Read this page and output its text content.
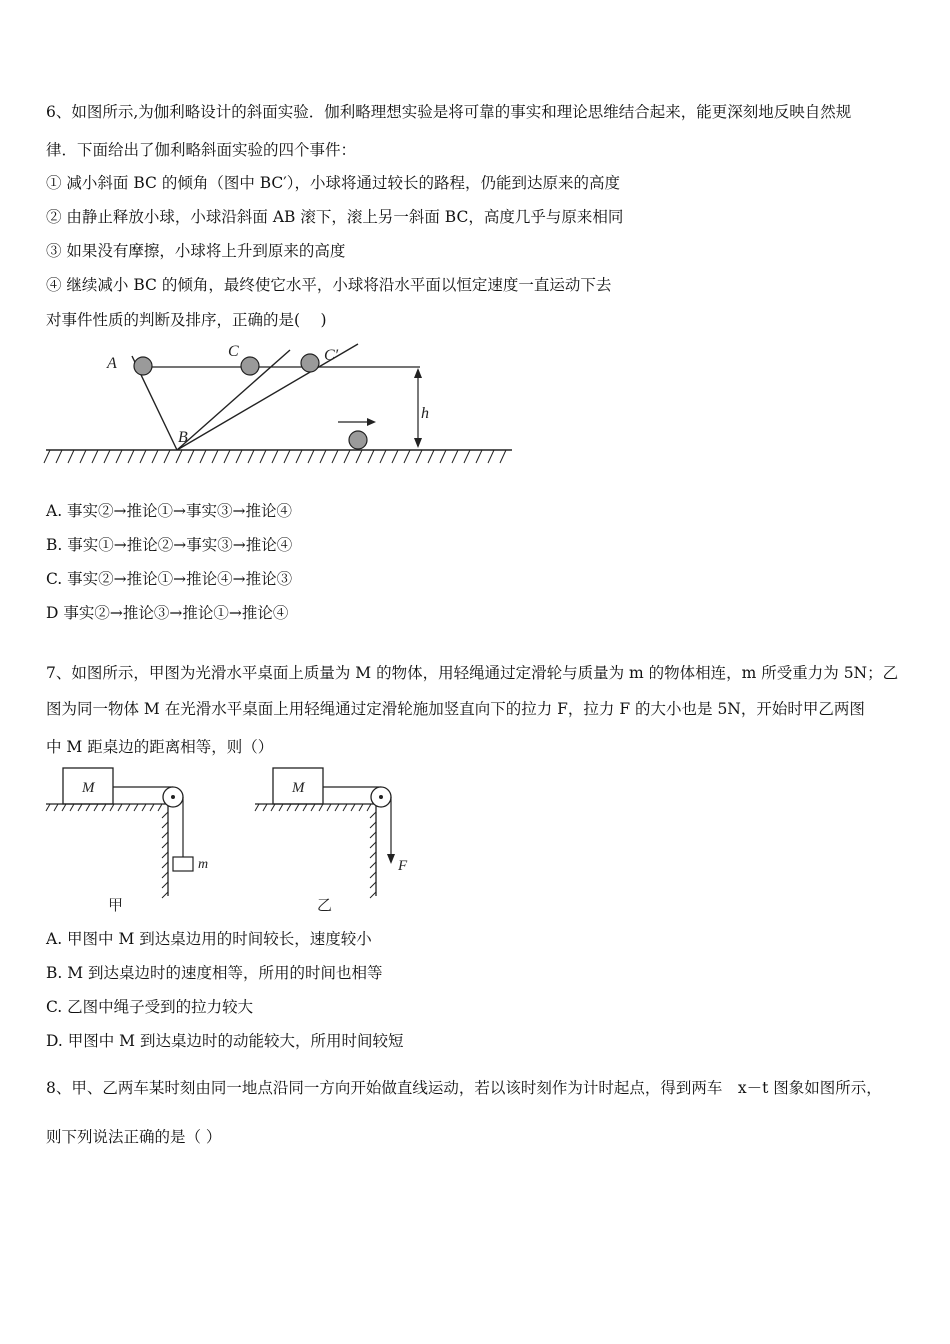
6、如图所示,为伽利略设计的斜面实验．伽利略理想实验是将可靠的事实和理论思维结合起来，能更深刻地反映自然规
律．下面给出了伽利略斜面实验的四个事件：
① 减小斜面 BC 的倾角（图中 BC′），小球将通过较长的路程，仍能到达原来的高度
② 由静止释放小球，小球沿斜面 AB 滚下，滚上另一斜面 BC，高度几乎与原来相同
③ 如果没有摩擦，小球将上升到原来的高度
④ 继续减小 BC 的倾角，最终使它水平，小球将沿水平面以恒定速度一直运动下去
对事件性质的判断及排序，正确的是(　 )
A
B
C	C′
h
A. 事实②→推论①→事实③→推论④
B. 事实①→推论②→事实③→推论④
C. 事实②→推论①→推论④→推论③
D 事实②→推论③→推论①→推论④
7、如图所示，甲图为光滑水平桌面上质量为 M 的物体，用轻绳通过定滑轮与质量为 m 的物体相连，m 所受重力为 5N；乙
图为同一物体 M 在光滑水平桌面上用轻绳通过定滑轮施加竖直向下的拉力 F，拉力 F 的大小也是 5N，开始时甲乙两图
中 M 距桌边的距离相等，则（）
M
m
甲
M
F
乙
A. 甲图中 M 到达桌边用的时间较长，速度较小
B. M 到达桌边时的速度相等，所用的时间也相等
C. 乙图中绳子受到的拉力较大
D. 甲图中 M 到达桌边时的动能较大，所用时间较短
8、甲、乙两车某时刻由同一地点沿同一方向开始做直线运动，若以该时刻作为计时起点，得到两车　x－t 图象如图所示，
则下列说法正确的是（ ）
